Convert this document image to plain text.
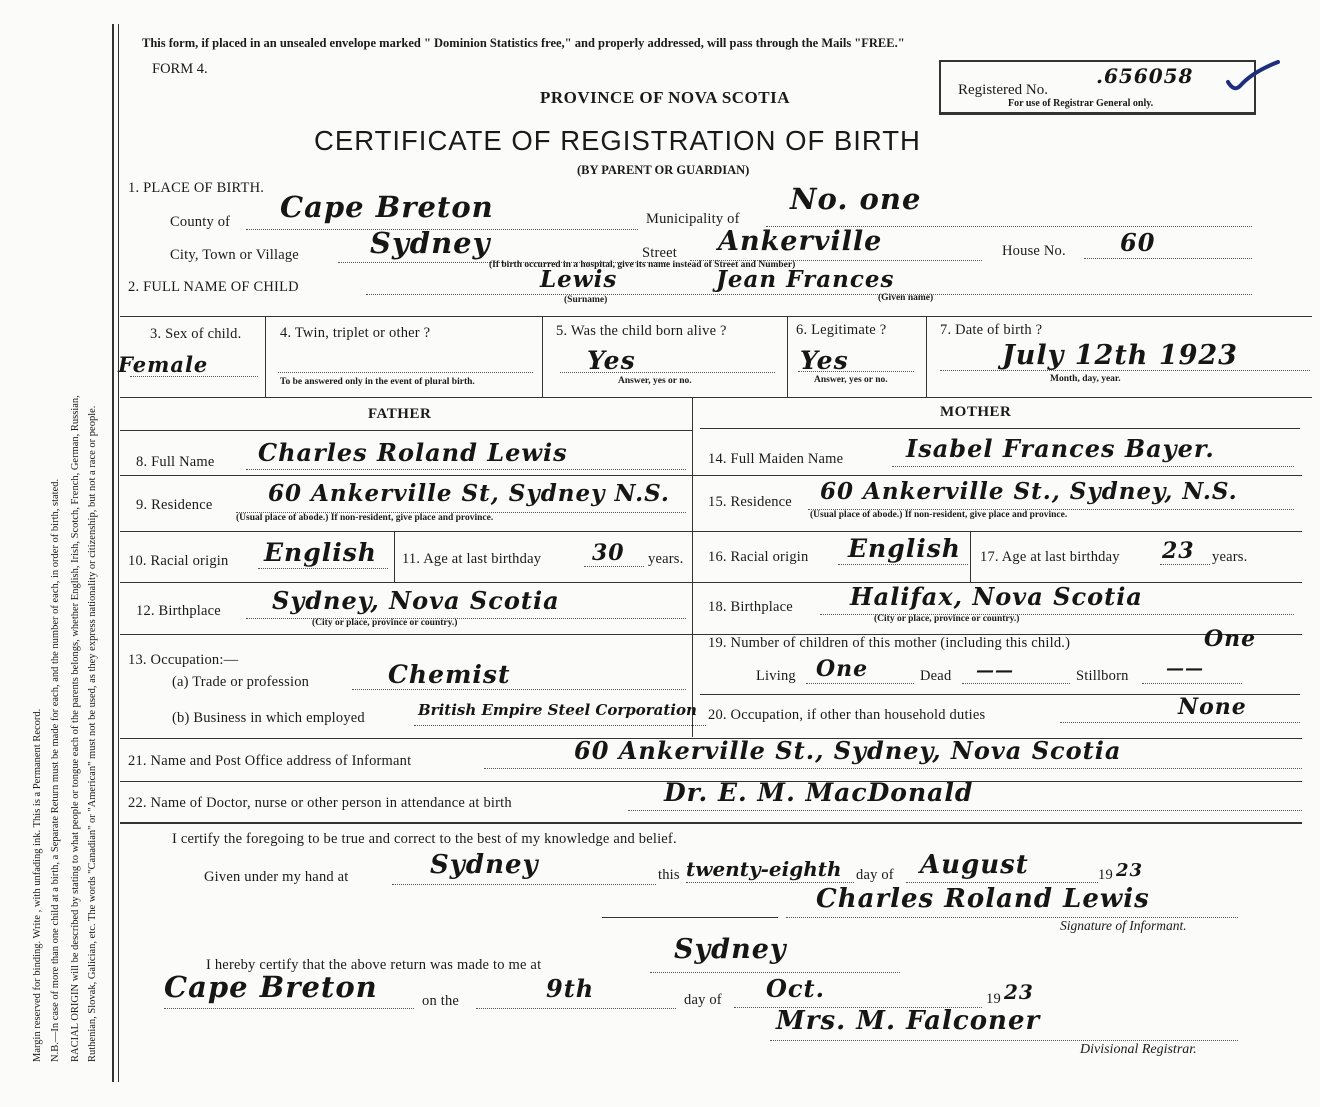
Margin reserved for binding. Write , with unfading ink. This is a Permanent Record. N.B.—In case of more than one child at a birth, a Separate Return must be made for each, and the number of each, in order of birth, stated. RACIAL ORIGIN will be described by stating to what people or tongue each of the parents belongs, whether English, Irish, Scotch, French, German, Russian, Ruthenian, Slovak, Galician, etc. The words "Canadian" or "American" must not be used, as they express nationality or citizenship, but not a race or people.
This form, if placed in an unsealed envelope marked " Dominion Statistics free," and properly addressed, will pass through the Mails "FREE."
FORM 4.
PROVINCE OF NOVA SCOTIA
CERTIFICATE OF REGISTRATION OF BIRTH
(BY PARENT OR GUARDIAN)
Registered No.
.656058
For use of Registrar General only.
1. PLACE OF BIRTH.
County of Cape Breton	Municipality of
No. one
City, Town or Village Sydney	Street Ankerville	House No. 60
(If birth occurred in a hospital, give its name instead of Street and Number)
2. FULL NAME OF CHILD	Lewis
(Surname)
Jean Frances
(Given name)
3. Sex of child.
Female
4. Twin, triplet or other ?
To be answered only in the event of plural birth.
5. Was the child born alive ?
Yes
Answer, yes or no.
6. Legitimate ?
Yes
Answer, yes or no.
7. Date of birth ?
July 12th 1923
Month, day, year.
FATHER	MOTHER
8. Full Name Charles Roland Lewis
9. Residence 60 Ankerville St, Sydney N.S.
(Usual place of abode.) If non-resident, give place and province.
10. Racial origin English 11. Age at last birthday 30 years.
12. Birthplace Sydney, Nova Scotia
(City or place, province or country.)
13. Occupation:—
(a) Trade or profession	Chemist
(b) Business in which employed	British Empire Steel Corporation
14. Full Maiden Name	Isabel Frances Bayer.
15. Residence 60 Ankerville St., Sydney, N.S.
(Usual place of abode.) If non-resident, give place and province.
16. Racial origin English 17. Age at last birthday 23 years.
18. Birthplace Halifax, Nova Scotia
(City or place, province or country.)
19. Number of children of this mother (including this child.)	One
Living One	Dead ——	Stillborn ——
20. Occupation, if other than household duties	None
21. Name and Post Office address of Informant	60 Ankerville St., Sydney, Nova Scotia
22. Name of Doctor, nurse or other person in attendance at birth	Dr. E. M. MacDonald
I certify the foregoing to be true and correct to the best of my knowledge and belief.
Given under my hand at	Sydney	this twenty-eighth day of August	19 23
Charles Roland Lewis
Signature of Informant.
I hereby certify that the above return was made to me at	Sydney
Cape Breton	on the	9th	day of Oct.	19 23
Mrs. M. Falconer
Divisional Registrar.
